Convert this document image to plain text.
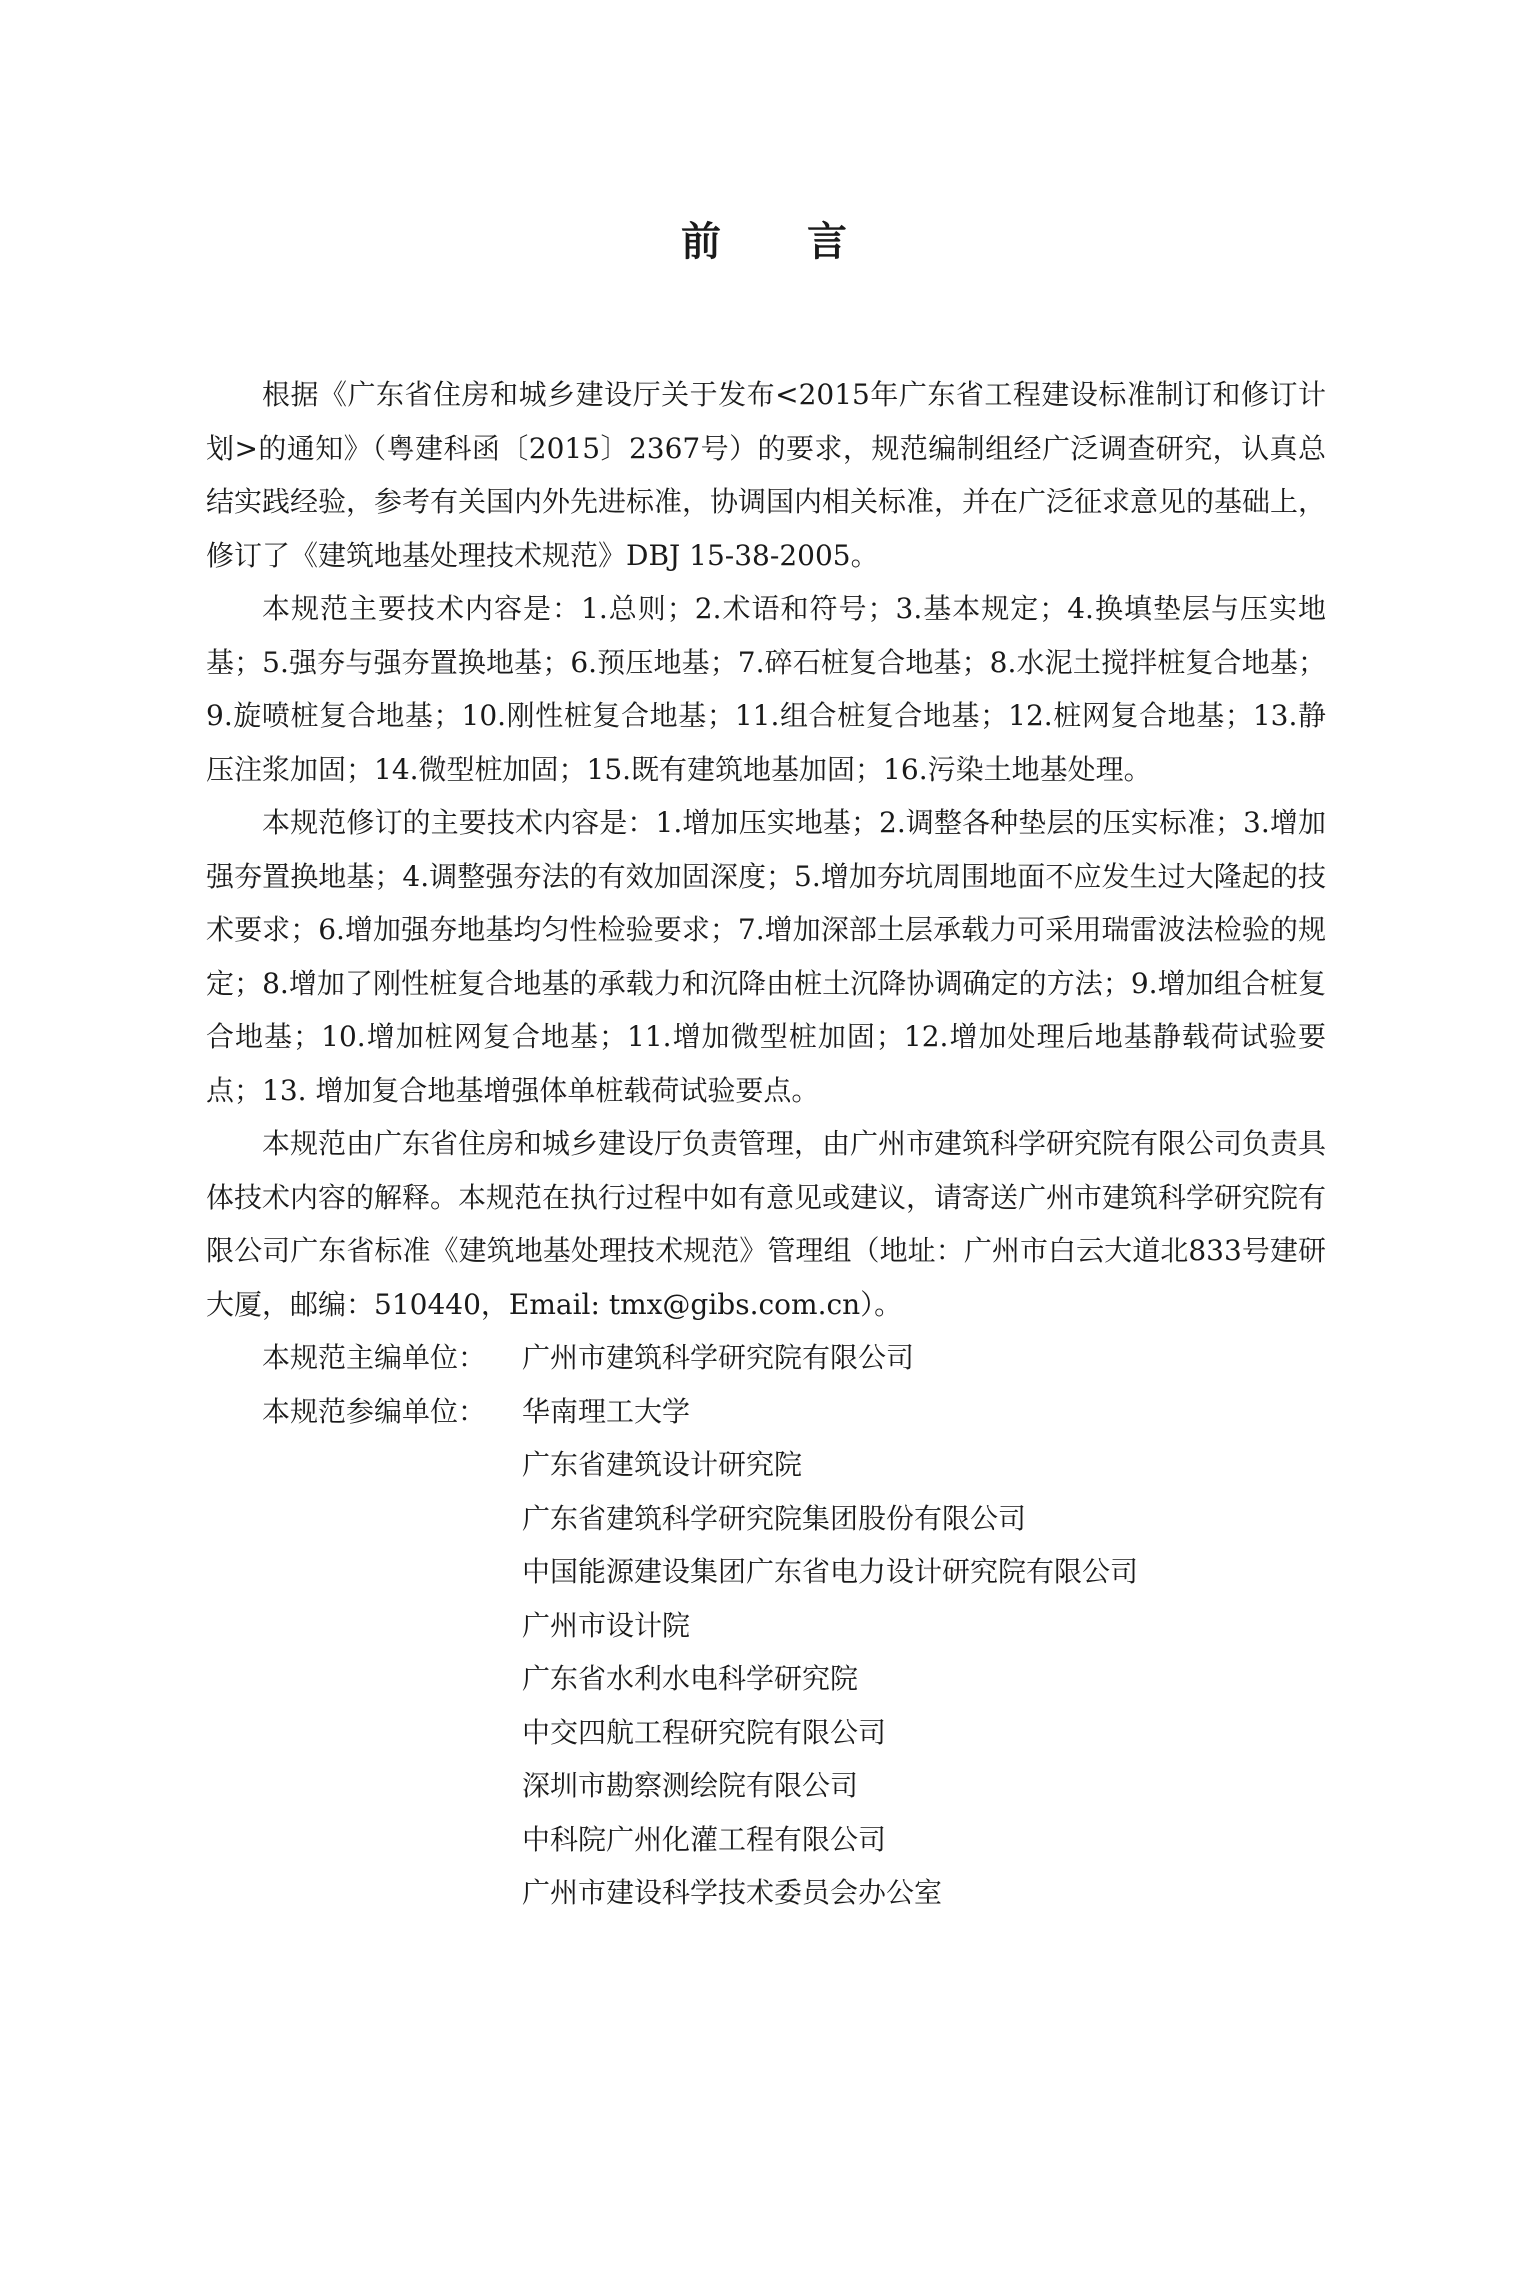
前 言

根据《广东省住房和城乡建设厅关于发布<2015年广东省工程建设标准制订和修订计划>的通知》（粤建科函〔2015〕2367号）的要求，规范编制组经广泛调查研究，认真总结实践经验，参考有关国内外先进标准，协调国内相关标准，并在广泛征求意见的基础上，修订了《建筑地基处理技术规范》DBJ 15-38-2005。

本规范主要技术内容是：1.总则；2.术语和符号；3.基本规定；4.换填垫层与压实地基；5.强夯与强夯置换地基；6.预压地基；7.碎石桩复合地基；8.水泥土搅拌桩复合地基；9.旋喷桩复合地基；10.刚性桩复合地基；11.组合桩复合地基；12.桩网复合地基；13.静压注浆加固；14.微型桩加固；15.既有建筑地基加固；16.污染土地基处理。

本规范修订的主要技术内容是：1.增加压实地基；2.调整各种垫层的压实标准；3.增加强夯置换地基；4.调整强夯法的有效加固深度；5.增加夯坑周围地面不应发生过大隆起的技术要求；6.增加强夯地基均匀性检验要求；7.增加深部土层承载力可采用瑞雷波法检验的规定；8.增加了刚性桩复合地基的承载力和沉降由桩土沉降协调确定的方法；9.增加组合桩复合地基；10.增加桩网复合地基；11.增加微型桩加固；12.增加处理后地基静载荷试验要点；13. 增加复合地基增强体单桩载荷试验要点。

本规范由广东省住房和城乡建设厅负责管理，由广州市建筑科学研究院有限公司负责具体技术内容的解释。本规范在执行过程中如有意见或建议，请寄送广州市建筑科学研究院有限公司广东省标准《建筑地基处理技术规范》管理组（地址：广州市白云大道北833号建研大厦，邮编：510440，Email: tmx@gibs.com.cn）。

本规范主编单位： 广州市建筑科学研究院有限公司
本规范参编单位： 华南理工大学
广东省建筑设计研究院
广东省建筑科学研究院集团股份有限公司
中国能源建设集团广东省电力设计研究院有限公司
广州市设计院
广东省水利水电科学研究院
中交四航工程研究院有限公司
深圳市勘察测绘院有限公司
中科院广州化灌工程有限公司
广州市建设科学技术委员会办公室
